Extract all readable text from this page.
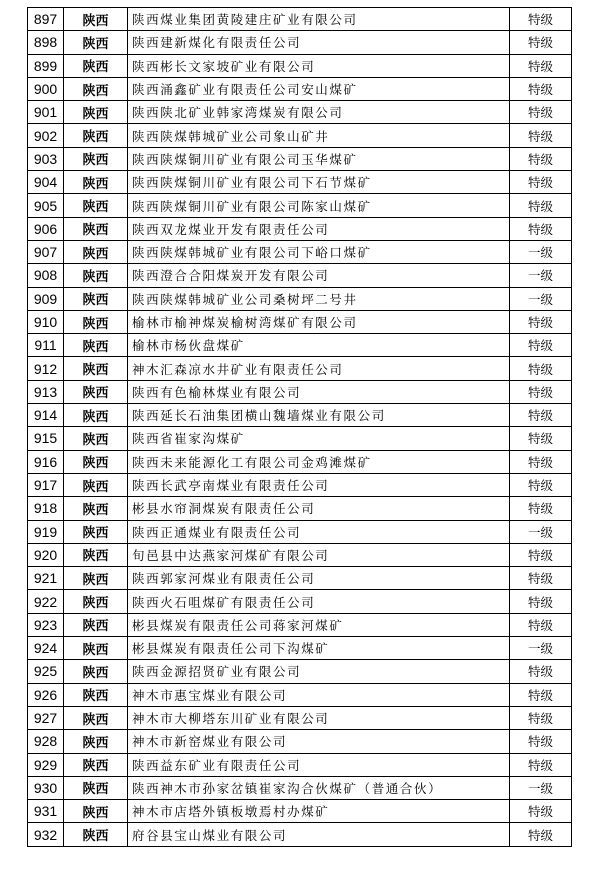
897	陕西	陕西煤业集团黄陵建庄矿业有限公司	特级
898	陕西	陕西建新煤化有限责任公司	特级
899	陕西	陕西彬长文家坡矿业有限公司	特级
900	陕西	陕西涌鑫矿业有限责任公司安山煤矿	特级
901	陕西	陕西陕北矿业韩家湾煤炭有限公司	特级
902	陕西	陕西陕煤韩城矿业公司象山矿井	特级
903	陕西	陕西陕煤铜川矿业有限公司玉华煤矿	特级
904	陕西	陕西陕煤铜川矿业有限公司下石节煤矿	特级
905	陕西	陕西陕煤铜川矿业有限公司陈家山煤矿	特级
906	陕西	陕西双龙煤业开发有限责任公司	特级
907	陕西	陕西陕煤韩城矿业有限公司下峪口煤矿	一级
908	陕西	陕西澄合合阳煤炭开发有限公司	一级
909	陕西	陕西陕煤韩城矿业公司桑树坪二号井	一级
910	陕西	榆林市榆神煤炭榆树湾煤矿有限公司	特级
911	陕西	榆林市杨伙盘煤矿	特级
912	陕西	神木汇森凉水井矿业有限责任公司	特级
913	陕西	陕西有色榆林煤业有限公司	特级
914	陕西	陕西延长石油集团横山魏墙煤业有限公司	特级
915	陕西	陕西省崔家沟煤矿	特级
916	陕西	陕西未来能源化工有限公司金鸡滩煤矿	特级
917	陕西	陕西长武亭南煤业有限责任公司	特级
918	陕西	彬县水帘洞煤炭有限责任公司	特级
919	陕西	陕西正通煤业有限责任公司	一级
920	陕西	旬邑县中达燕家河煤矿有限公司	特级
921	陕西	陕西郭家河煤业有限责任公司	特级
922	陕西	陕西火石咀煤矿有限责任公司	特级
923	陕西	彬县煤炭有限责任公司蒋家河煤矿	特级
924	陕西	彬县煤炭有限责任公司下沟煤矿	一级
925	陕西	陕西金源招贤矿业有限公司	特级
926	陕西	神木市惠宝煤业有限公司	特级
927	陕西	神木市大柳塔东川矿业有限公司	特级
928	陕西	神木市新窑煤业有限公司	特级
929	陕西	陕西益东矿业有限责任公司	特级
930	陕西	陕西神木市孙家岔镇崔家沟合伙煤矿（普通合伙）	一级
931	陕西	神木市店塔外镇板墩焉村办煤矿	特级
932	陕西	府谷县宝山煤业有限公司	特级
